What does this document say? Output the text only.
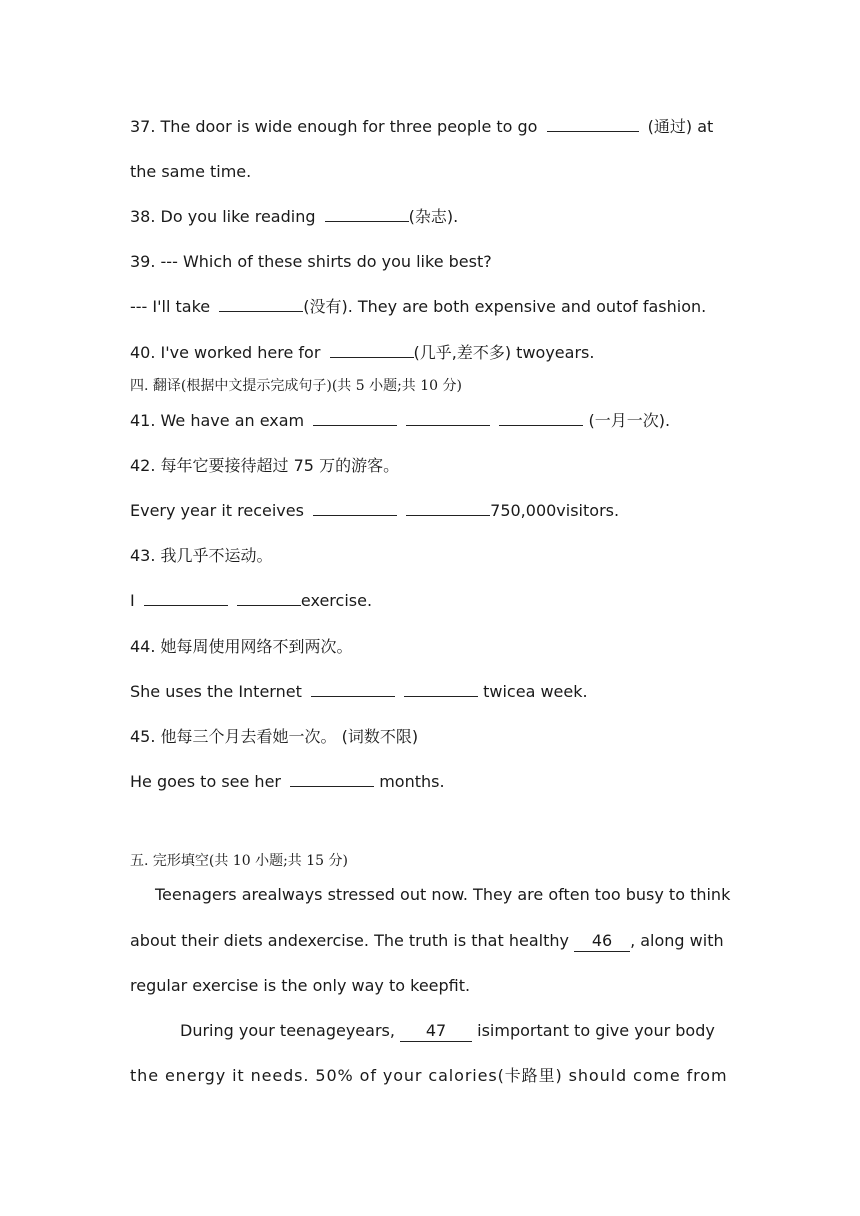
37. The door is wide enough for three people to go	(通过) at
the same time.
38. Do you like reading	(杂志).
39. --- Which of these shirts do you like best?
--- I'll take	(没有). They are both expensive and outof fashion.
40. I've worked here for	(几乎,差不多) twoyears.
四. 翻译(根据中文提示完成句子)(共 5 小题;共 10 分)
41. We have an exam	(一月一次).
42. 每年它要接待超过 75 万的游客。
Every year it receives	750,000visitors.
43. 我几乎不运动。
I	exercise.
44. 她每周使用网络不到两次。
She uses the Internet	twicea week.
45. 他每三个月去看她一次。 (词数不限)
He goes to see her	months.
五. 完形填空(共 10 小题;共 15 分)
Teenagers arealways stressed out now. They are often too busy to think
about their diets andexercise. The truth is that healthy 46 , along with
regular exercise is the only way to keepfit.
During your teenageyears, 47 isimportant to give your body
the energy it needs. 50% of your calories(卡路里) should come from
